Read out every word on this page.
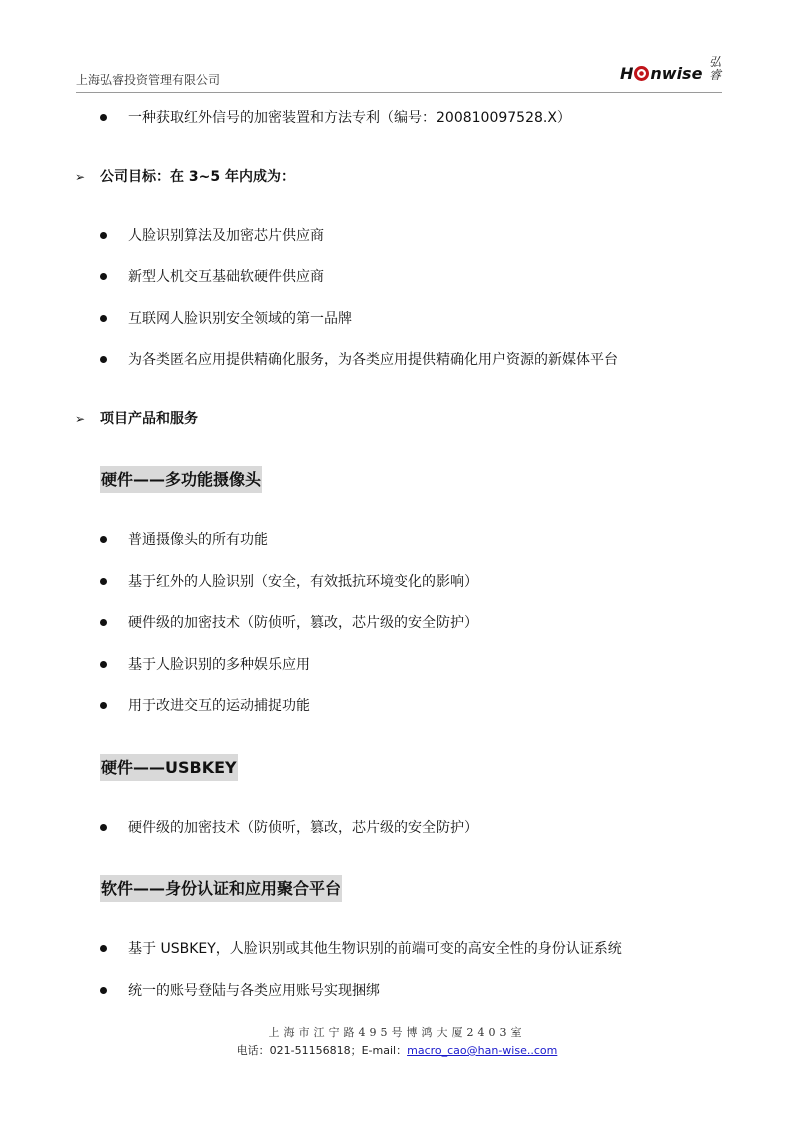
上海弘睿投资管理有限公司	H nwise
弘睿
一种获取红外信号的加密装置和方法专利（编号：200810097528.X）
➢ 公司目标：在 3~5 年内成为：
人脸识别算法及加密芯片供应商
新型人机交互基础软硬件供应商
互联网人脸识别安全领域的第一品牌
为各类匿名应用提供精确化服务，为各类应用提供精确化用户资源的新媒体平台
➢ 项目产品和服务
硬件——多功能摄像头
普通摄像头的所有功能
基于红外的人脸识别（安全，有效抵抗环境变化的影响）
硬件级的加密技术（防侦听，篡改，芯片级的安全防护）
基于人脸识别的多种娱乐应用
用于改进交互的运动捕捉功能
硬件——USBKEY
硬件级的加密技术（防侦听，篡改，芯片级的安全防护）
软件——身份认证和应用聚合平台
基于 USBKEY，人脸识别或其他生物识别的前端可变的高安全性的身份认证系统
统一的账号登陆与各类应用账号实现捆绑
上海市江宁路495号博鸿大厦2403室
电话：021-51156818；E-mail：macro_cao@han-wise..com
